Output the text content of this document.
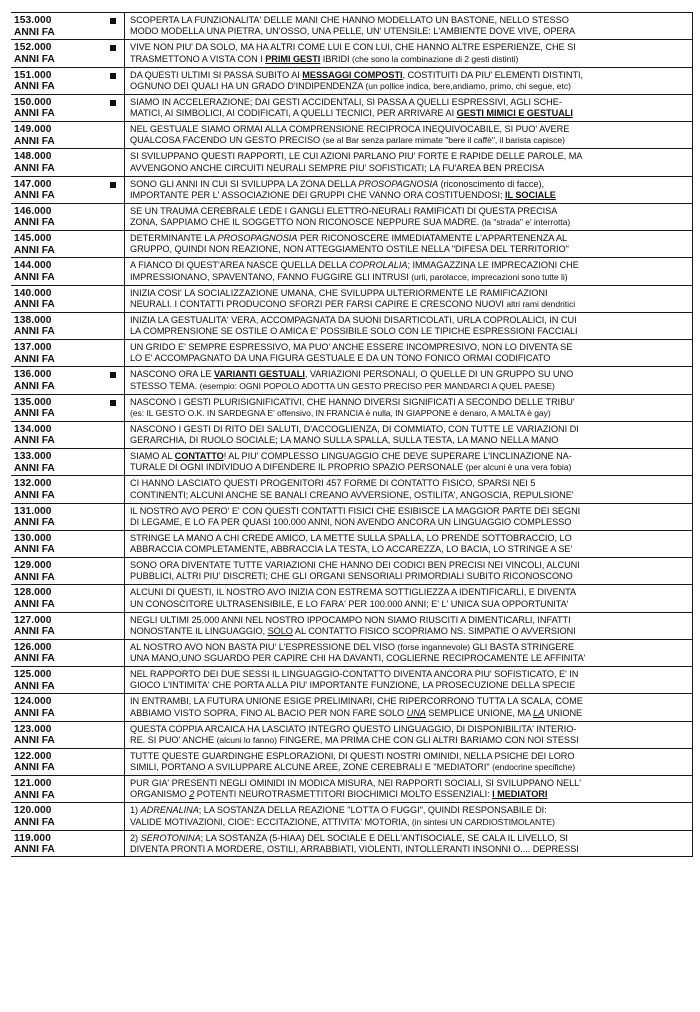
153.000
ANNI FA
SCOPERTA LA FUNZIONALITA' DELLE MANI CHE HANNO MODELLATO UN BASTONE, NELLO STESSO
MODO MODELLA UNA PIETRA, UN'OSSO, UNA PELLE, UN' UTENSILE: L'AMBIENTE DOVE VIVE, OPERA
152.000
ANNI FA
VIVE NON PIU' DA SOLO, MA HA ALTRI COME LUI E CON LUI, CHE HANNO ALTRE ESPERIENZE, CHE SI
TRASMETTONO A VISTA CON I PRIMI GESTI IBRIDI (che sono la combinazione di 2 gesti distinti)
151.000
ANNI FA
DA QUESTI ULTIMI SI PASSA SUBITO AI MESSAGGI COMPOSTI, COSTITUITI DA PIU' ELEMENTI DISTINTI,
OGNUNO DEI QUALI HA UN GRADO D'INDIPENDENZA (un pollice indica, bere,andiamo, primo, chi segue, etc)
150.000
ANNI FA
SIAMO IN ACCELERAZIONE; DAI GESTI ACCIDENTALI, SI PASSA A QUELLI ESPRESSIVI, AGLI SCHE-
MATICI, AI SIMBOLICI, AI CODIFICATI, A QUELLI TECNICI, PER ARRIVARE AI GESTI MIMICI E GESTUALI
149.000
ANNI FA
NEL GESTUALE SIAMO ORMAI ALLA COMPRENSIONE RECIPROCA INEQUIVOCABILE, SI PUO' AVERE
QUALCOSA FACENDO UN GESTO PRECISO (se al Bar senza parlare mimate "bere il caffè", il barista capisce)
148.000
ANNI FA
SI SVILUPPANO QUESTI RAPPORTI, LE CUI AZIONI PARLANO PIU' FORTE E RAPIDE DELLE PAROLE, MA
AVVENGONO ANCHE CIRCUITI NEURALI SEMPRE PIU' SOFISTICATI; LA FU'AREA BEN PRECISA
147.000
ANNI FA
SONO GLI ANNI IN CUI SI SVILUPPA LA ZONA DELLA PROSOPAGNOSIA (riconoscimento di facce),
IMPORTANTE PER L' ASSOCIAZIONE DEI GRUPPI CHE VANNO ORA COSTITUENDOSI; IL SOCIALE
146.000
ANNI FA
SE UN TRAUMA CEREBRALE LEDE I GANGLI ELETTRO-NEURALI RAMIFICATI DI QUESTA PRECISA
ZONA, SAPPIAMO CHE IL SOGGETTO NON RICONOSCE NEPPURE SUA MADRE. (la "strada" e' interrotta)
145.000
ANNI FA
DETERMINANTE LA PROSOPAGNOSIA PER RICONOSCERE IMMEDIATAMENTE L'APPARTENENZA AL
GRUPPO, QUINDI NON REAZIONE, NON ATTEGGIAMENTO OSTILE NELLA "DIFESA DEL TERRITORIO"
144.000
ANNI FA
A FIANCO DI QUEST'AREA NASCE QUELLA DELLA COPROLALIA; IMMAGAZZINA LE IMPRECAZIONI CHE
IMPRESSIONANO, SPAVENTANO, FANNO FUGGIRE GLI INTRUSI (urli, parolacce, imprecazioni sono tutte li)
140.000
ANNI FA
INIZIA COSI' LA SOCIALIZZAZIONE UMANA, CHE SVILUPPA ULTERIORMENTE LE RAMIFICAZIONI
NEURALI. I CONTATTI PRODUCONO SFORZI PER FARSI CAPIRE E CRESCONO NUOVI altri rami dendritici
138.000
ANNI FA
INIZIA LA GESTUALITA' VERA, ACCOMPAGNATA DA SUONI DISARTICOLATI, URLA COPROLALICI, IN CUI
LA COMPRENSIONE SE OSTILE O AMICA E' POSSIBILE SOLO CON LE TIPICHE ESPRESSIONI FACCIALI
137.000
ANNI FA
UN GRIDO E' SEMPRE ESPRESSIVO, MA PUO' ANCHE ESSERE INCOMPRESIVO, NON LO DIVENTA SE
LO E' ACCOMPAGNATO DA UNA FIGURA GESTUALE E DA UN TONO FONICO ORMAI CODIFICATO
136.000
ANNI FA
NASCONO ORA LE VARIANTI GESTUALI, VARIAZIONI PERSONALI, O QUELLE DI UN GRUPPO SU UNO
STESSO TEMA. (esempio: OGNI POPOLO ADOTTA UN GESTO PRECISO PER MANDARCI A QUEL PAESE)
135.000
ANNI FA
NASCONO I GESTI PLURISIGNIFICATIVI, CHE HANNO DIVERSI SIGNIFICATI A SECONDO DELLE TRIBU'
(es: IL GESTO O.K. IN SARDEGNA E' offensivo, IN FRANCIA è nulla, IN GIAPPONE è denaro, A MALTA è gay)
134.000
ANNI FA
NASCONO I GESTI DI RITO DEI SALUTI, D'ACCOGLIENZA, DI COMMIATO, CON TUTTE LE VARIAZIONI DI
GERARCHIA, DI RUOLO SOCIALE; LA MANO SULLA SPALLA, SULLA TESTA, LA MANO NELLA MANO
133.000
ANNI FA
SIAMO AL CONTATTO! AL PIU' COMPLESSO LINGUAGGIO CHE DEVE SUPERARE L'INCLINAZIONE NA-
TURALE DI OGNI INDIVIDUO A DIFENDERE IL PROPRIO SPAZIO PERSONALE (per alcuni è una vera fobia)
132.000
ANNI FA
CI HANNO LASCIATO QUESTI PROGENITORI 457 FORME DI CONTATTO FISICO, SPARSI NEI 5
CONTINENTI; ALCUNI ANCHE SE BANALI CREANO AVVERSIONE, OSTILITA', ANGOSCIA, REPULSIONE'
131.000
ANNI FA
IL NOSTRO AVO PERO' E' CON QUESTI CONTATTI FISICI CHE ESIBISCE LA MAGGIOR PARTE DEI SEGNI
DI LEGAME, E LO FA PER QUASI 100.000 ANNI, NON AVENDO ANCORA UN LINGUAGGIO COMPLESSO
130.000
ANNI FA
STRINGE LA MANO A CHI CREDE AMICO, LA METTE SULLA SPALLA, LO PRENDE SOTTOBRACCIO, LO
ABBRACCIA COMPLETAMENTE, ABBRACCIA LA TESTA, LO ACCAREZZA, LO BACIA, LO STRINGE A SE'
129.000
ANNI FA
SONO ORA DIVENTATE TUTTE VARIAZIONI CHE HANNO DEI CODICI BEN PRECISI NEI VINCOLI, ALCUNI
PUBBLICI, ALTRI PIU' DISCRETI; CHE GLI ORGANI SENSORIALI PRIMORDIALI SUBITO RICONOSCONO
128.000
ANNI FA
ALCUNI DI QUESTI, IL NOSTRO AVO INIZIA CON ESTREMA SOTTIGLIEZZA A IDENTIFICARLI, E DIVENTA
UN CONOSCITORE ULTRASENSIBILE, E LO FARA' PER 100.000 ANNI; E' L' UNICA SUA OPPORTUNITA'
127.000
ANNI FA
NEGLI ULTIMI 25.000 ANNI NEL NOSTRO IPPOCAMPO NON SIAMO RIUSCITI A DIMENTICARLI, INFATTI
NONOSTANTE IL LINGUAGGIO, SOLO AL CONTATTO FISICO SCOPRIAMO NS. SIMPATIE O AVVERSIONI
126.000
ANNI FA
AL NOSTRO AVO NON BASTA PIU' L'ESPRESSIONE DEL VISO (forse ingannevole) GLI BASTA STRINGERE
UNA MANO,UNO SGUARDO PER CAPIRE CHI HA DAVANTI, COGLIERNE RECIPROCAMENTE LE AFFINITA'
125.000
ANNI FA
NEL RAPPORTO DEI DUE SESSI IL LINGUAGGIO-CONTATTO DIVENTA ANCORA PIU' SOFISTICATO, E' IN
GIOCO L'INTIMITA' CHE PORTA ALLA PIU' IMPORTANTE FUNZIONE, LA PROSECUZIONE DELLA SPECIE
124.000
ANNI FA
IN ENTRAMBI, LA FUTURA UNIONE ESIGE PRELIMINARI, CHE RIPERCORRONO TUTTA LA SCALA, COME
ABBIAMO VISTO SOPRA, FINO AL BACIO PER NON FARE SOLO UNA SEMPLICE UNIONE, MA LA UNIONE
123.000
ANNI FA
QUESTA COPPIA ARCAICA HA LASCIATO INTEGRO QUESTO LINGUAGGIO, DI DISPONIBILITA' INTERIO-
RE. SI PUO' ANCHE (alcuni lo fanno) FINGERE, MA PRIMA CHE CON GLI ALTRI BARIAMO CON NOI STESSI
122.000
ANNI FA
TUTTE QUESTE GUARDINGHE ESPLORAZIONI, DI QUESTI NOSTRI OMINIDI, NELLA PSICHE DEI LORO
SIMILI, PORTANO A SVILUPPARE ALCUNE AREE, ZONE CEREBRALI E "MEDIATORI" (endocrine specifiche)
121.000
ANNI FA
PUR GIA' PRESENTI NEGLI OMINIDI IN MODICA MISURA, NEI RAPPORTI SOCIALI, SI SVILUPPANO NELL'
ORGANISMO 2 POTENTI NEUROTRASMETTITORI BIOCHIMICI MOLTO ESSENZIALI: I MEDIATORI
120.000
ANNI FA
1) ADRENALINA; LA SOSTANZA DELLA REAZIONE "LOTTA O FUGGI", QUINDI RESPONSABILE DI:
VALIDE MOTIVAZIONI, CIOE': ECCITAZIONE, ATTIVITA' MOTORIA, (in sintesi UN CARDIOSTIMOLANTE)
119.000
ANNI FA
2) SEROTONINA; LA SOSTANZA (5-HIAA) DEL SOCIALE E DELL'ANTISOCIALE, SE CALA IL LIVELLO, SI
DIVENTA PRONTI A MORDERE, OSTILI, ARRABBIATI, VIOLENTI, INTOLLERANTI INSONNI O.... DEPRESSI
